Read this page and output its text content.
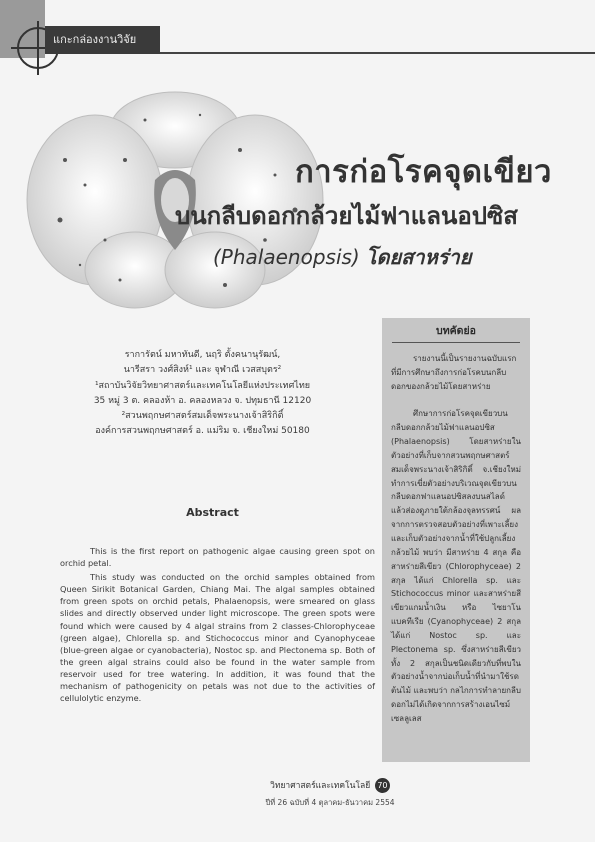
แกะกล่องงานวิจัย
การก่อโรคจุดเขียว
บนกลีบดอกกล้วยไม้ฟาแลนอปซิส
(Phalaenopsis) โดยสาหร่าย
ราการัตน์ มหาทันดี, นฤริ ตั้งคนานุรัฒน์,
นารีสรา วงศ์สิงห์¹ และ จุฬาณี เวสสบุตร²
¹สถาบันวิจัยวิทยาศาสตร์และเทคโนโลยีแห่งประเทศไทย
35 หมู่ 3 ต. คลองห้า อ. คลองหลวง จ. ปทุมธานี 12120
²สวนพฤกษศาสตร์สมเด็จพระนางเจ้าสิริกิติ์
องค์การสวนพฤกษศาสตร์ อ. แม่ริม จ. เชียงใหม่ 50180
Abstract

This is the first report on pathogenic algae causing green spot on orchid petal.

This study was conducted on the orchid samples obtained from Queen Sirikit Botanical Garden, Chiang Mai. The algal samples obtained from green spots on orchid petals, Phalaenopsis, were smeared on glass slides and directly observed under light microscope. The green spots were found which were caused by 4 algal strains from 2 classes-Chlorophyceae (green algae), Chlorella sp. and Stichococcus minor and Cyanophyceae (blue-green algae or cyanobacteria), Nostoc sp. and Plectonema sp. Both of the green algal strains could also be found in the water sample from reservoir used for tree watering. In addition, it was found that the mechanism of pathogenicity on petals was not due to the activities of cellulolytic enzyme.

บทคัดย่อ

รายงานนี้เป็นรายงานฉบับแรกที่มีการศึกษาถึงการก่อโรคบนกลีบดอกของกล้วยไม้โดยสาหร่าย

ศึกษาการก่อโรคจุดเขียวบนกลีบดอกกล้วยไม้ฟาแลนอปซิส (Phalaenopsis) โดยสาหร่ายในตัวอย่างที่เก็บจากสวนพฤกษศาสตร์สมเด็จพระนางเจ้าสิริกิติ์ จ.เชียงใหม่ ทำการเขี่ยตัวอย่างบริเวณจุดเขียวบนกลีบดอกฟาแลนอปซิสลงบนสไลด์ แล้วส่องดูภายใต้กล้องจุลทรรศน์ ผลจากการตรวจสอบตัวอย่างที่เพาะเลี้ยงและเก็บตัวอย่างจากน้ำที่ใช้ปลูกเลี้ยงกล้วยไม้ พบว่า มีสาหร่าย 4 สกุล คือ สาหร่ายสีเขียว (Chlorophyceae) 2 สกุล ได้แก่ Chlorella sp. และ Stichococcus minor และสาหร่ายสีเขียวแกมน้ำเงิน หรือ ไซยาโนแบคทีเรีย (Cyanophyceae) 2 สกุล ได้แก่ Nostoc sp. และ Plectonema sp. ซึ่งสาหร่ายสีเขียวทั้ง 2 สกุลเป็นชนิดเดียวกับที่พบในตัวอย่างน้ำจากบ่อเก็บน้ำที่นำมาใช้รดต้นไม้ และพบว่า กลไกการทำลายกลีบดอกไม่ได้เกิดจากการสร้างเอนไซม์เซลลูเลส

วิทยาศาสตร์และเทคโนโลยี 70
ปีที่ 26 ฉบับที่ 4 ตุลาคม-ธันวาคม 2554
